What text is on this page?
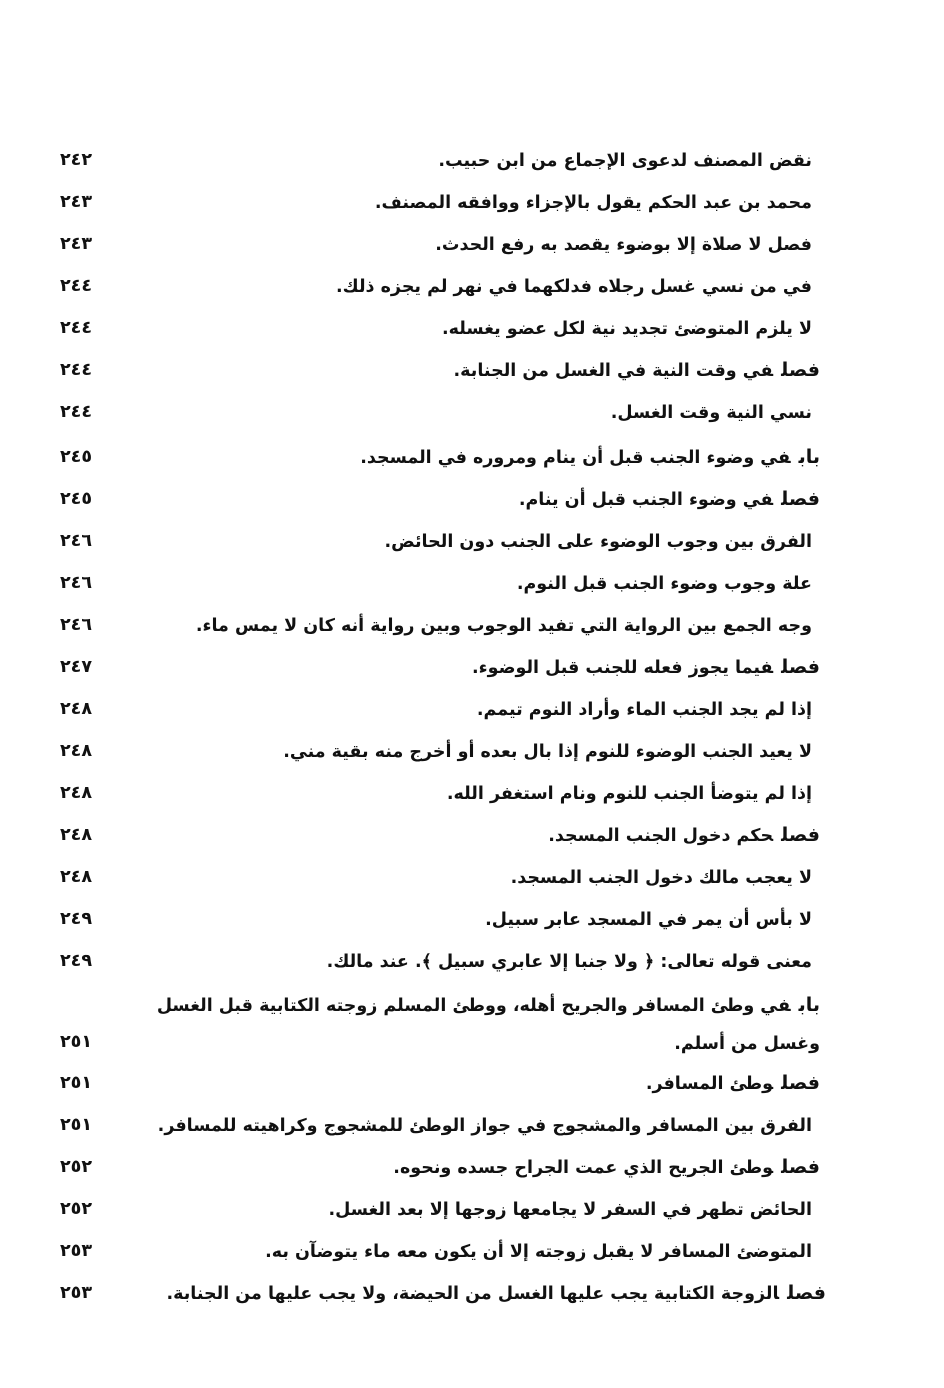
نقض المصنف لدعوى الإجماع من ابن حبيب.
٢٤٢
محمد بن عبد الحكم يقول بالإجزاء ووافقه المصنف.
٢٤٣
فصل لا صلاة إلا بوضوء يقصد به رفع الحدث.
٢٤٣
في من نسي غسل رجلاه فدلكهما في نهر لم يجزه ذلك.
٢٤٤
لا يلزم المتوضئ تجديد نية لكل عضو يغسله.
٢٤٤
فصلفي وقت النية في الغسل من الجنابة.
٢٤٤
نسي النية وقت الغسل.
٢٤٤
بابفي وضوء الجنب قبل أن ينام ومروره في المسجد.
٢٤٥
فصلفي وضوء الجنب قبل أن ينام.
٢٤٥
الفرق بين وجوب الوضوء على الجنب دون الحائض.
٢٤٦
علة وجوب وضوء الجنب قبل النوم.
٢٤٦
وجه الجمع بين الرواية التي تفيد الوجوب وبين رواية أنه كان لا يمس ماء.
٢٤٦
فصلفيما يجوز فعله للجنب قبل الوضوء.
٢٤٧
إذا لم يجد الجنب الماء وأراد النوم تيمم.
٢٤٨
لا يعيد الجنب الوضوء للنوم إذا بال بعده أو أخرج منه بقية مني.
٢٤٨
إذا لم يتوضأ الجنب للنوم ونام استغفر الله.
٢٤٨
فصلحكم دخول الجنب المسجد.
٢٤٨
لا يعجب مالك دخول الجنب المسجد.
٢٤٨
لا بأس أن يمر في المسجد عابر سبيل.
٢٤٩
معنى قوله تعالى: ﴿ ولا جنبا إلا عابري سبيل ﴾. عند مالك.
٢٤٩
بابفي وطئ المسافر والجريح أهله، ووطئ المسلم زوجته الكتابية قبل الغسل وغسل من أسلم.
٢٥١
فصلوطئ المسافر.
٢٥١
الفرق بين المسافر والمشجوج في جواز الوطئ للمشجوج وكراهيته للمسافر.
٢٥١
فصلوطئ الجريح الذي عمت الجراح جسده ونحوه.
٢٥٢
الحائض تطهر في السفر لا يجامعها زوجها إلا بعد الغسل.
٢٥٢
المتوضئ المسافر لا يقبل زوجته إلا أن يكون معه ماء يتوضآن به.
٢٥٣
فصلالزوجة الكتابية يجب عليها الغسل من الحيضة، ولا يجب عليها من الجنابة.
٢٥٣
